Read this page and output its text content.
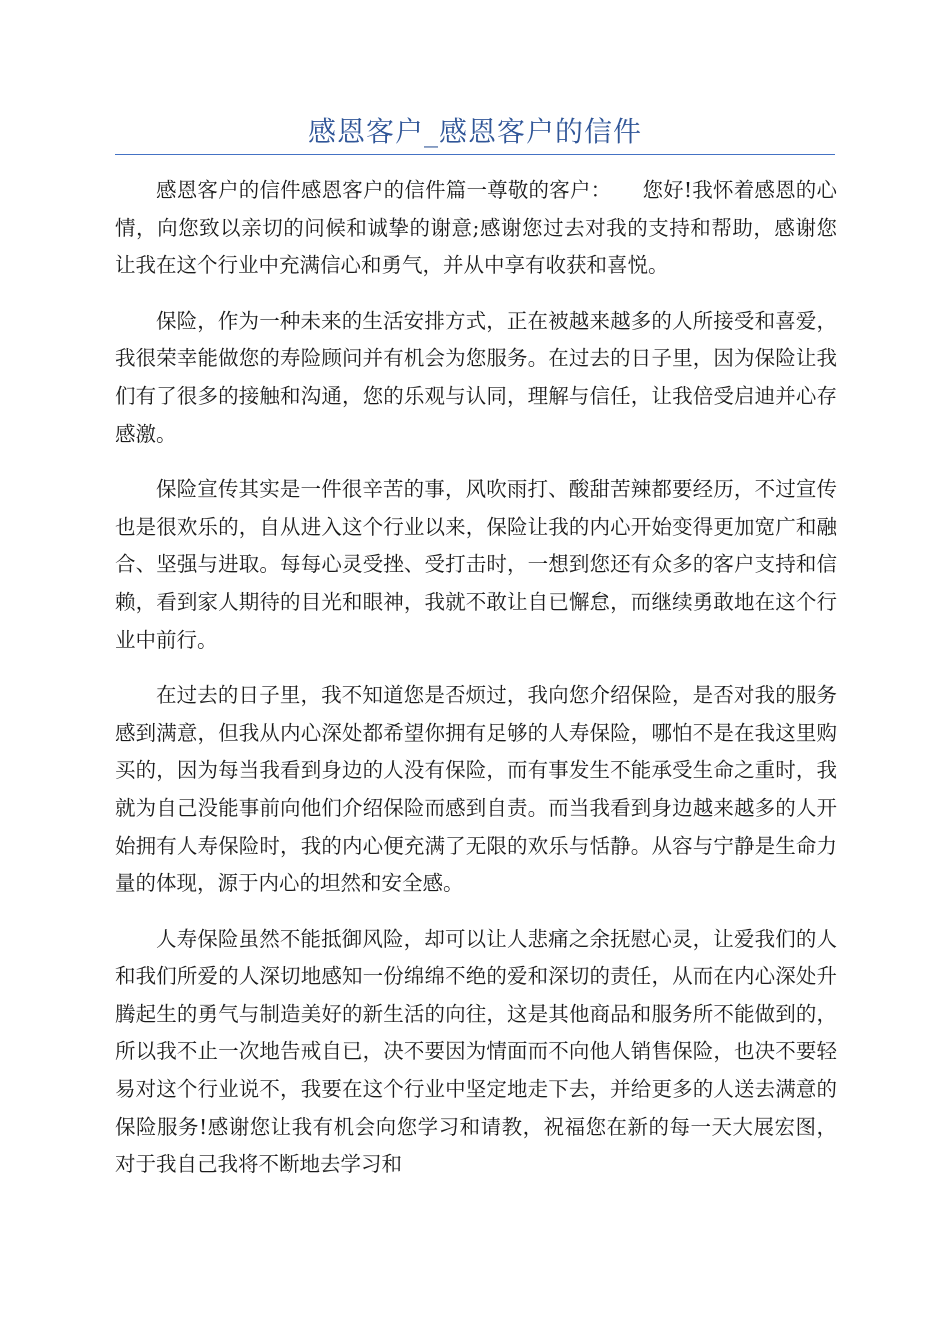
感恩客户_感恩客户的信件

感恩客户的信件感恩客户的信件篇一尊敬的客户：　　您好!我怀着感恩的心情，向您致以亲切的问候和诚挚的谢意;感谢您过去对我的支持和帮助，感谢您让我在这个行业中充满信心和勇气，并从中享有收获和喜悦。

保险，作为一种未来的生活安排方式，正在被越来越多的人所接受和喜爱，我很荣幸能做您的寿险顾问并有机会为您服务。在过去的日子里，因为保险让我们有了很多的接触和沟通，您的乐观与认同，理解与信任，让我倍受启迪并心存感激。

保险宣传其实是一件很辛苦的事，风吹雨打、酸甜苦辣都要经历，不过宣传也是很欢乐的，自从进入这个行业以来，保险让我的内心开始变得更加宽广和融合、坚强与进取。每每心灵受挫、受打击时，一想到您还有众多的客户支持和信赖，看到家人期待的目光和眼神，我就不敢让自已懈怠，而继续勇敢地在这个行业中前行。

在过去的日子里，我不知道您是否烦过，我向您介绍保险，是否对我的服务感到满意，但我从内心深处都希望你拥有足够的人寿保险，哪怕不是在我这里购买的，因为每当我看到身边的人没有保险，而有事发生不能承受生命之重时，我就为自己没能事前向他们介绍保险而感到自责。而当我看到身边越来越多的人开始拥有人寿保险时，我的内心便充满了无限的欢乐与恬静。从容与宁静是生命力量的体现，源于内心的坦然和安全感。

人寿保险虽然不能抵御风险，却可以让人悲痛之余抚慰心灵，让爱我们的人和我们所爱的人深切地感知一份绵绵不绝的爱和深切的责任，从而在内心深处升腾起生的勇气与制造美好的新生活的向往，这是其他商品和服务所不能做到的，所以我不止一次地告戒自已，决不要因为情面而不向他人销售保险，也决不要轻易对这个行业说不，我要在这个行业中坚定地走下去，并给更多的人送去满意的保险服务!感谢您让我有机会向您学习和请教，祝福您在新的每一天大展宏图，对于我自己我将不断地去学习和
